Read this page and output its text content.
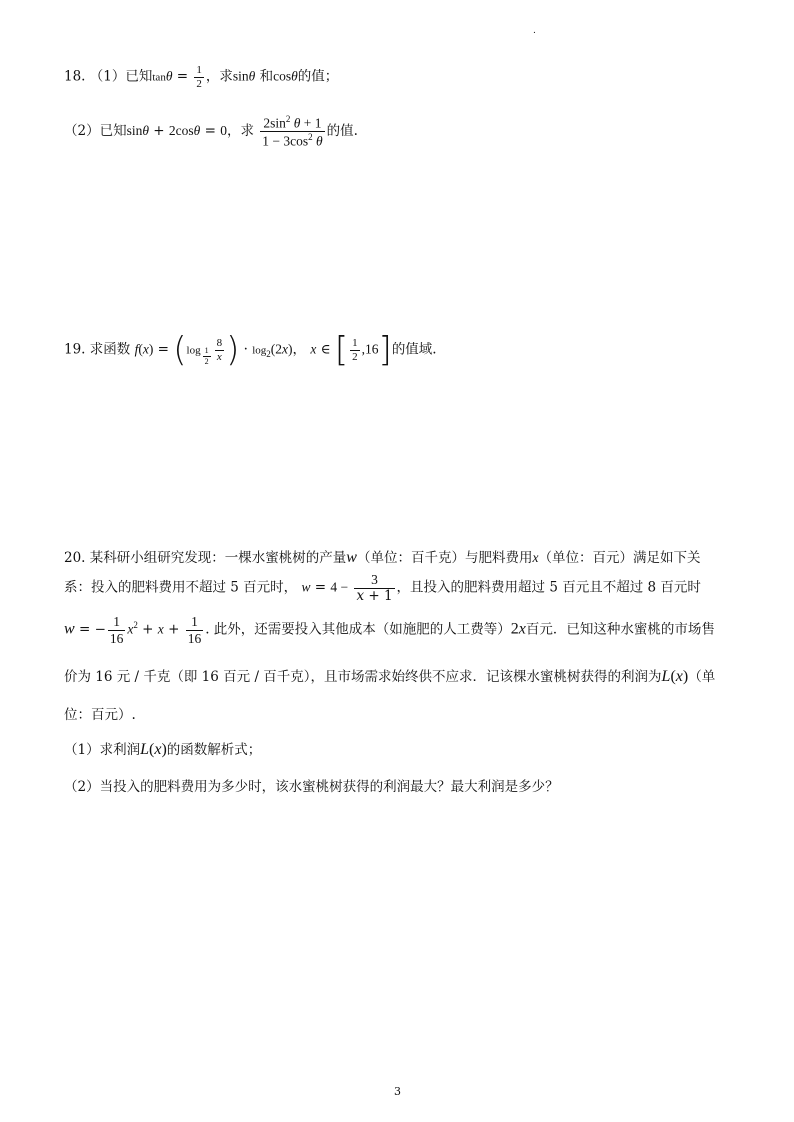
.
18. （1）已知$\tan\theta = \frac{1}{2}$ ，求sinθ 和cosθ的值；
（2）已知sinθ + 2cosθ = 0，求 $\frac{2\sin^2 \theta + 1}{1 - 3\cos^2 \theta}$ 的值.
19. 求函数 $f(x) = (\log \frac{1}{2} \frac{8}{x}$ ) · $\log_2(2x)$， x ∈ [ $\frac{1}{2} ,16$]的值域.
20. 某科研小组研究发现：一棵水蜜桃树的产量w（单位：百千克）与肥料费用x（单位：百元）满足如下关
系：投入的肥料费用不超过 5 百元时， $w = 4 - \frac{3}{x + 1}$ ，且投入的肥料费用超过 5 百元且不超过 8 百元时
w = − $\frac{1}{16} x^2 + x + \frac{1}{16}$ . 此外，还需要投入其他成本（如施肥的人工费等）2x百元．已知这种水蜜桃的市场售
价为 16 元 / 千克（即 16 百元 / 百千克），且市场需求始终供不应求．记该棵水蜜桃树获得的利润为L(x)（单
位：百元）.
（1）求利润L(x)的函数解析式；
（2）当投入的肥料费用为多少时，该水蜜桃树获得的利润最大？最大利润是多少？
3
